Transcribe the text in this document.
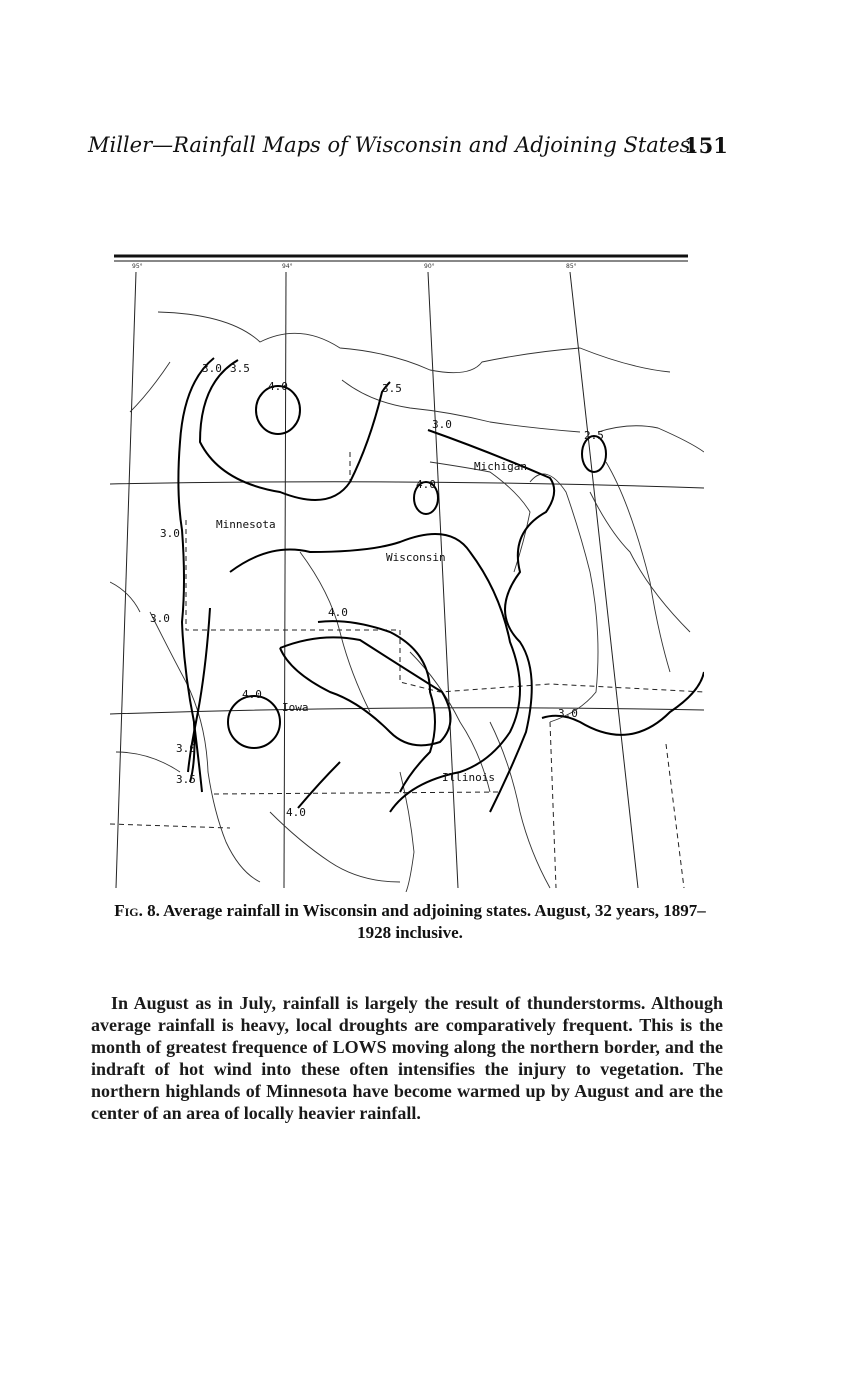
Miller—Rainfall Maps of Wisconsin and Adjoining States.
151
95°	94°	90°	85°
Minnesota
Wisconsin
Michigan
Iowa
Illinois
3.0 3.5
4.0	3.5
3.0
2.5
4.0
3.0
3.0	4.0
4.0
3.0
3.0
3.5
4.0
Fig. 8. Average rainfall in Wisconsin and adjoining states. August, 32 years, 1897–1928 inclusive.

In August as in July, rainfall is largely the result of thunderstorms. Although average rainfall is heavy, local droughts are comparatively frequent. This is the month of greatest frequence of LOWS moving along the northern border, and the indraft of hot wind into these often intensifies the injury to vegetation. The northern highlands of Minnesota have become warmed up by August and are the center of an area of locally heavier rainfall.
